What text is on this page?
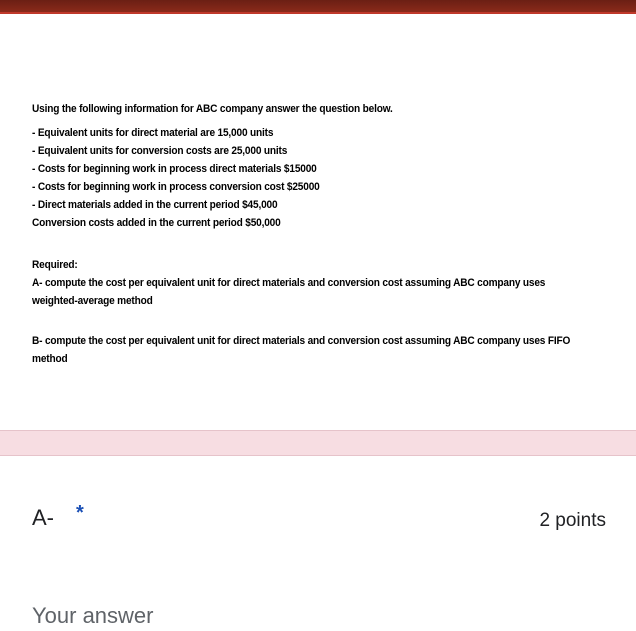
Using the following information for ABC company answer the question below.
- Equivalent units for direct material are 15,000 units
- Equivalent units for conversion costs are 25,000 units
- Costs for beginning work in process direct materials $15000
- Costs for beginning work in process conversion cost $25000
- Direct materials added in the current period $45,000
Conversion costs added in the current period $50,000
Required:

A- compute the cost per equivalent unit for direct materials and conversion cost assuming ABC company uses weighted-average method

B- compute the cost per equivalent unit for direct materials and conversion cost assuming ABC company uses FIFO method

A- *	2 points
Your answer
